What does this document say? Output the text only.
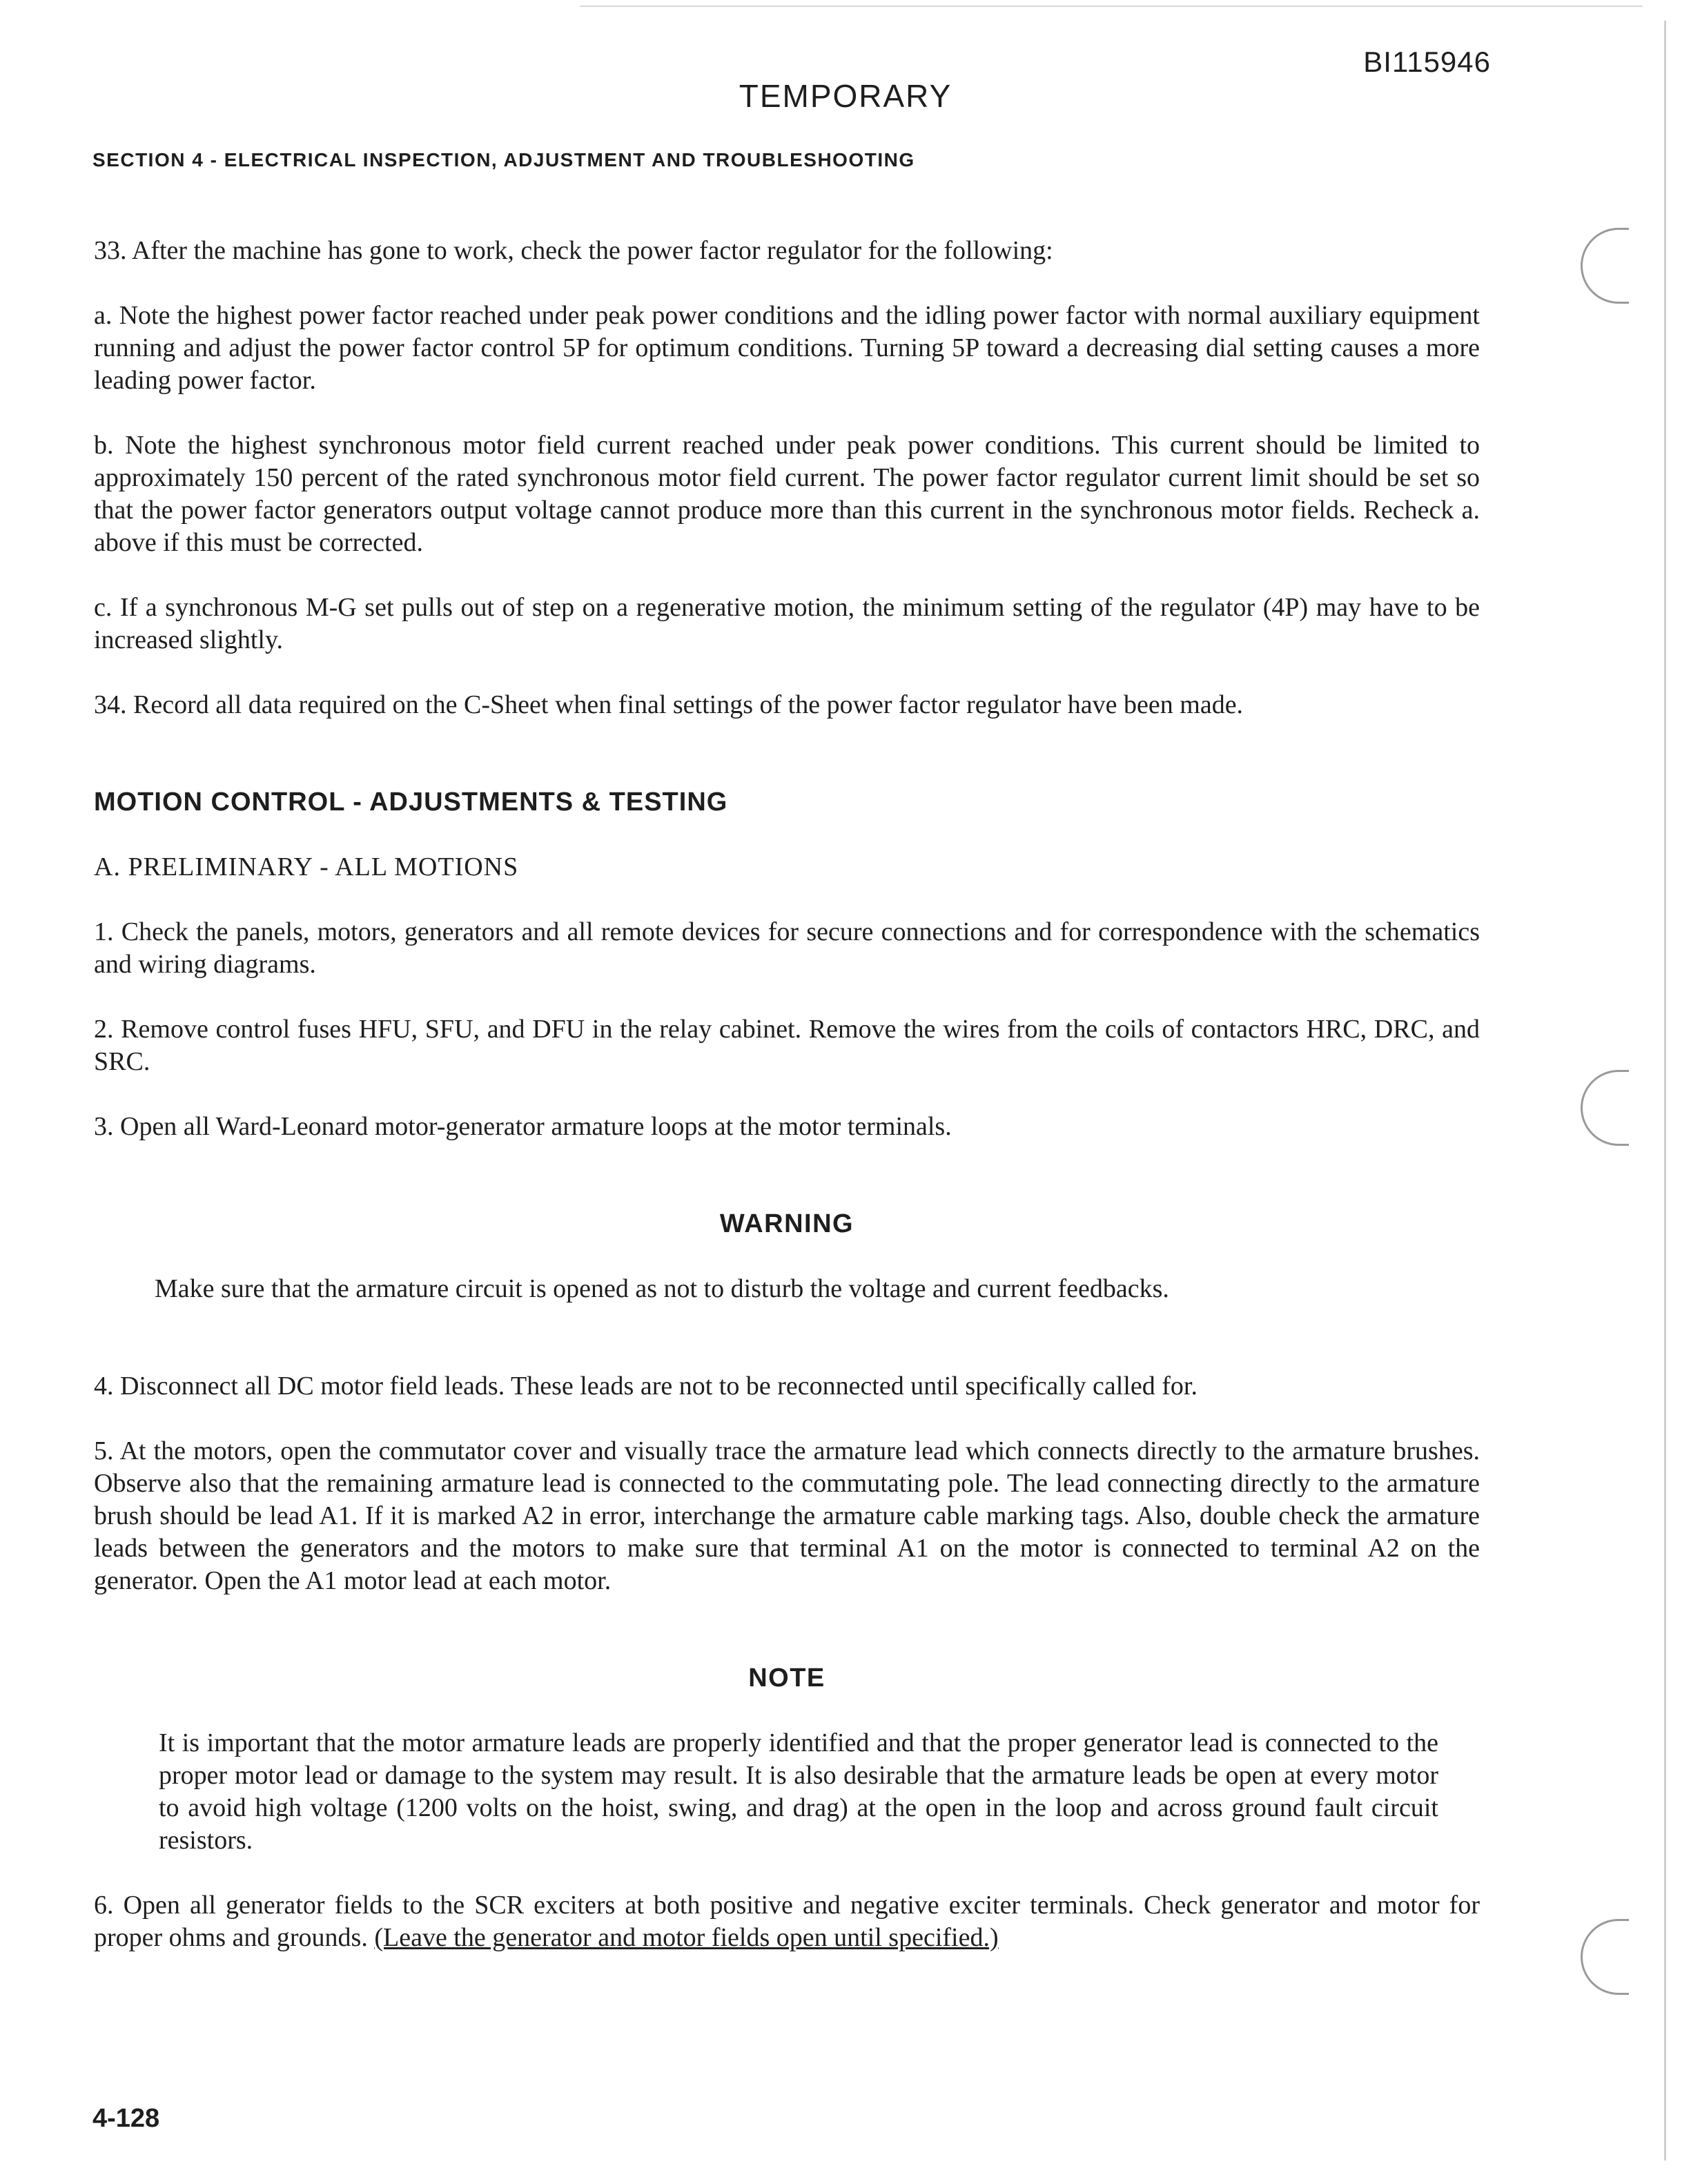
BI115946
TEMPORARY
SECTION 4 - ELECTRICAL INSPECTION, ADJUSTMENT AND TROUBLESHOOTING

33. After the machine has gone to work, check the power factor regulator for the following:

a. Note the highest power factor reached under peak power conditions and the idling power factor with normal auxiliary equipment running and adjust the power factor control 5P for optimum conditions. Turning 5P toward a decreasing dial setting causes a more leading power factor.

b. Note the highest synchronous motor field current reached under peak power conditions. This current should be limited to approximately 150 percent of the rated synchronous motor field current. The power factor regulator current limit should be set so that the power factor generators output voltage cannot produce more than this current in the synchronous motor fields. Recheck a. above if this must be corrected.

c. If a synchronous M-G set pulls out of step on a regenerative motion, the minimum setting of the regulator (4P) may have to be increased slightly.

34. Record all data required on the C-Sheet when final settings of the power factor regulator have been made.

MOTION CONTROL - ADJUSTMENTS & TESTING
A. PRELIMINARY - ALL MOTIONS

1. Check the panels, motors, generators and all remote devices for secure connections and for correspondence with the schematics and wiring diagrams.

2. Remove control fuses HFU, SFU, and DFU in the relay cabinet. Remove the wires from the coils of contactors HRC, DRC, and SRC.

3. Open all Ward-Leonard motor-generator armature loops at the motor terminals.

WARNING

Make sure that the armature circuit is opened as not to disturb the voltage and current feedbacks.

4. Disconnect all DC motor field leads. These leads are not to be reconnected until specifically called for.

5. At the motors, open the commutator cover and visually trace the armature lead which connects directly to the armature brushes. Observe also that the remaining armature lead is connected to the commutating pole. The lead connecting directly to the armature brush should be lead A1. If it is marked A2 in error, interchange the armature cable marking tags. Also, double check the armature leads between the generators and the motors to make sure that terminal A1 on the motor is connected to terminal A2 on the generator. Open the A1 motor lead at each motor.

NOTE

It is important that the motor armature leads are properly identified and that the proper generator lead is connected to the proper motor lead or damage to the system may result. It is also desirable that the armature leads be open at every motor to avoid high voltage (1200 volts on the hoist, swing, and drag) at the open in the loop and across ground fault circuit resistors.

6. Open all generator fields to the SCR exciters at both positive and negative exciter terminals. Check generator and motor for proper ohms and grounds. (Leave the generator and motor fields open until specified.)

4-128
